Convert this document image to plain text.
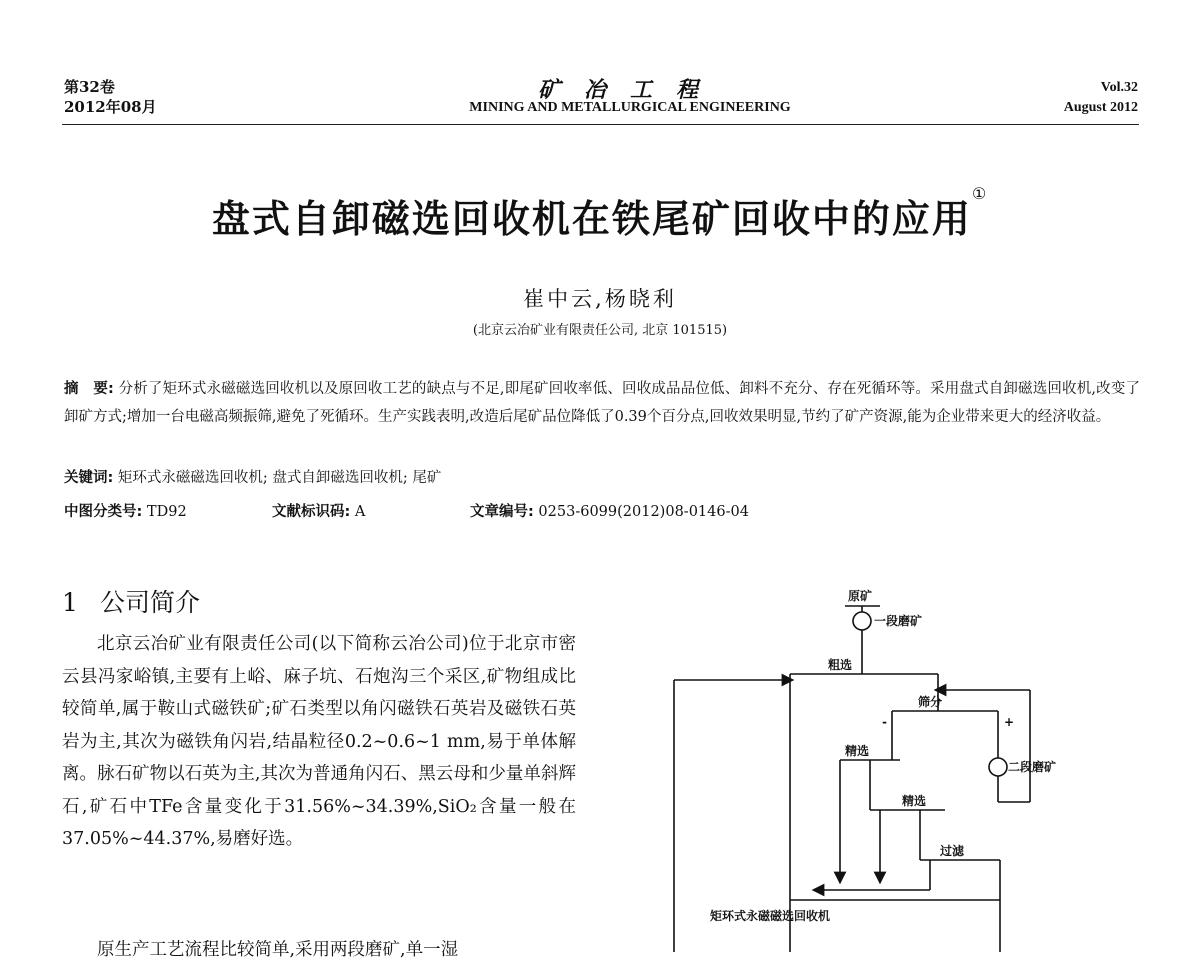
第32卷
2012年08月
矿冶工程
MINING AND METALLURGICAL ENGINEERING
Vol.32
August 2012
盘式自卸磁选回收机在铁尾矿回收中的应用①
崔中云,杨晓利
(北京云冶矿业有限责任公司, 北京 101515)
摘　要: 分析了矩环式永磁磁选回收机以及原回收工艺的缺点与不足,即尾矿回收率低、回收成品品位低、卸料不充分、存在死循环等。采用盘式自卸磁选回收机,改变了卸矿方式;增加一台电磁高频振筛,避免了死循环。生产实践表明,改造后尾矿品位降低了0.39个百分点,回收效果明显,节约了矿产资源,能为企业带来更大的经济收益。
关键词: 矩环式永磁磁选回收机; 盘式自卸磁选回收机; 尾矿
中图分类号: TD92	文献标识码: A	文章编号: 0253-6099(2012)08-0146-04
1 公司简介
北京云冶矿业有限责任公司(以下简称云冶公司)位于北京市密云县冯家峪镇,主要有上峪、麻子坑、石炮沟三个采区,矿物组成比较简单,属于鞍山式磁铁矿;矿石类型以角闪磁铁石英岩及磁铁石英岩为主,其次为磁铁角闪岩,结晶粒径0.2~0.6~1 mm,易于单体解离。脉石矿物以石英为主,其次为普通角闪石、黑云母和少量单斜辉石,矿石中TFe含量变化于31.56%~34.39%,SiO₂含量一般在37.05%~44.37%,易磨好选。
原生产工艺流程比较简单,采用两段磨矿,单一湿
原矿
一段磨矿
粗选
筛分
-	+
精选
二段磨矿
精选
过滤
矩环式永磁磁选回收机
